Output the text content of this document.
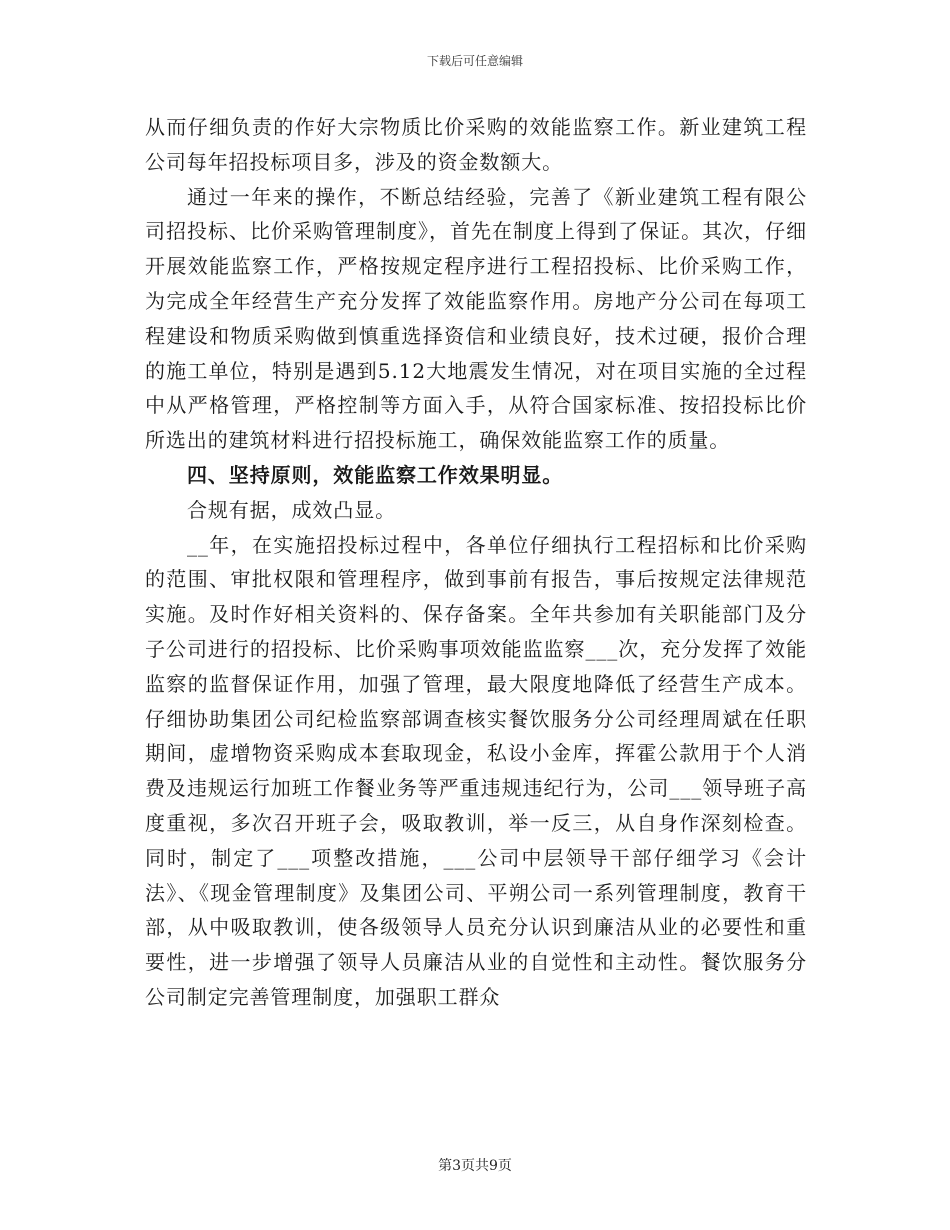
下载后可任意编辑

从而仔细负责的作好大宗物质比价采购的效能监察工作。新业建筑工程公司每年招投标项目多，涉及的资金数额大。

通过一年来的操作，不断总结经验，完善了《新业建筑工程有限公司招投标、比价采购管理制度》，首先在制度上得到了保证。其次，仔细开展效能监察工作，严格按规定程序进行工程招投标、比价采购工作，为完成全年经营生产充分发挥了效能监察作用。房地产分公司在每项工程建设和物质采购做到慎重选择资信和业绩良好，技术过硬，报价合理的施工单位，特别是遇到5.12大地震发生情况，对在项目实施的全过程中从严格管理，严格控制等方面入手，从符合国家标准、按招投标比价所选出的建筑材料进行招投标施工，确保效能监察工作的质量。

四、坚持原则，效能监察工作效果明显。

合规有据，成效凸显。

__年，在实施招投标过程中，各单位仔细执行工程招标和比价采购的范围、审批权限和管理程序，做到事前有报告，事后按规定法律规范实施。及时作好相关资料的、保存备案。全年共参加有关职能部门及分子公司进行的招投标、比价采购事项效能监监察___次，充分发挥了效能监察的监督保证作用，加强了管理，最大限度地降低了经营生产成本。仔细协助集团公司纪检监察部调查核实餐饮服务分公司经理周斌在任职期间，虚增物资采购成本套取现金，私设小金库，挥霍公款用于个人消费及违规运行加班工作餐业务等严重违规违纪行为，公司___领导班子高度重视，多次召开班子会，吸取教训，举一反三，从自身作深刻检查。同时，制定了___项整改措施，___公司中层领导干部仔细学习《会计法》、《现金管理制度》及集团公司、平朔公司一系列管理制度，教育干部，从中吸取教训，使各级领导人员充分认识到廉洁从业的必要性和重要性，进一步增强了领导人员廉洁从业的自觉性和主动性。餐饮服务分公司制定完善管理制度，加强职工群众

第3页共9页
